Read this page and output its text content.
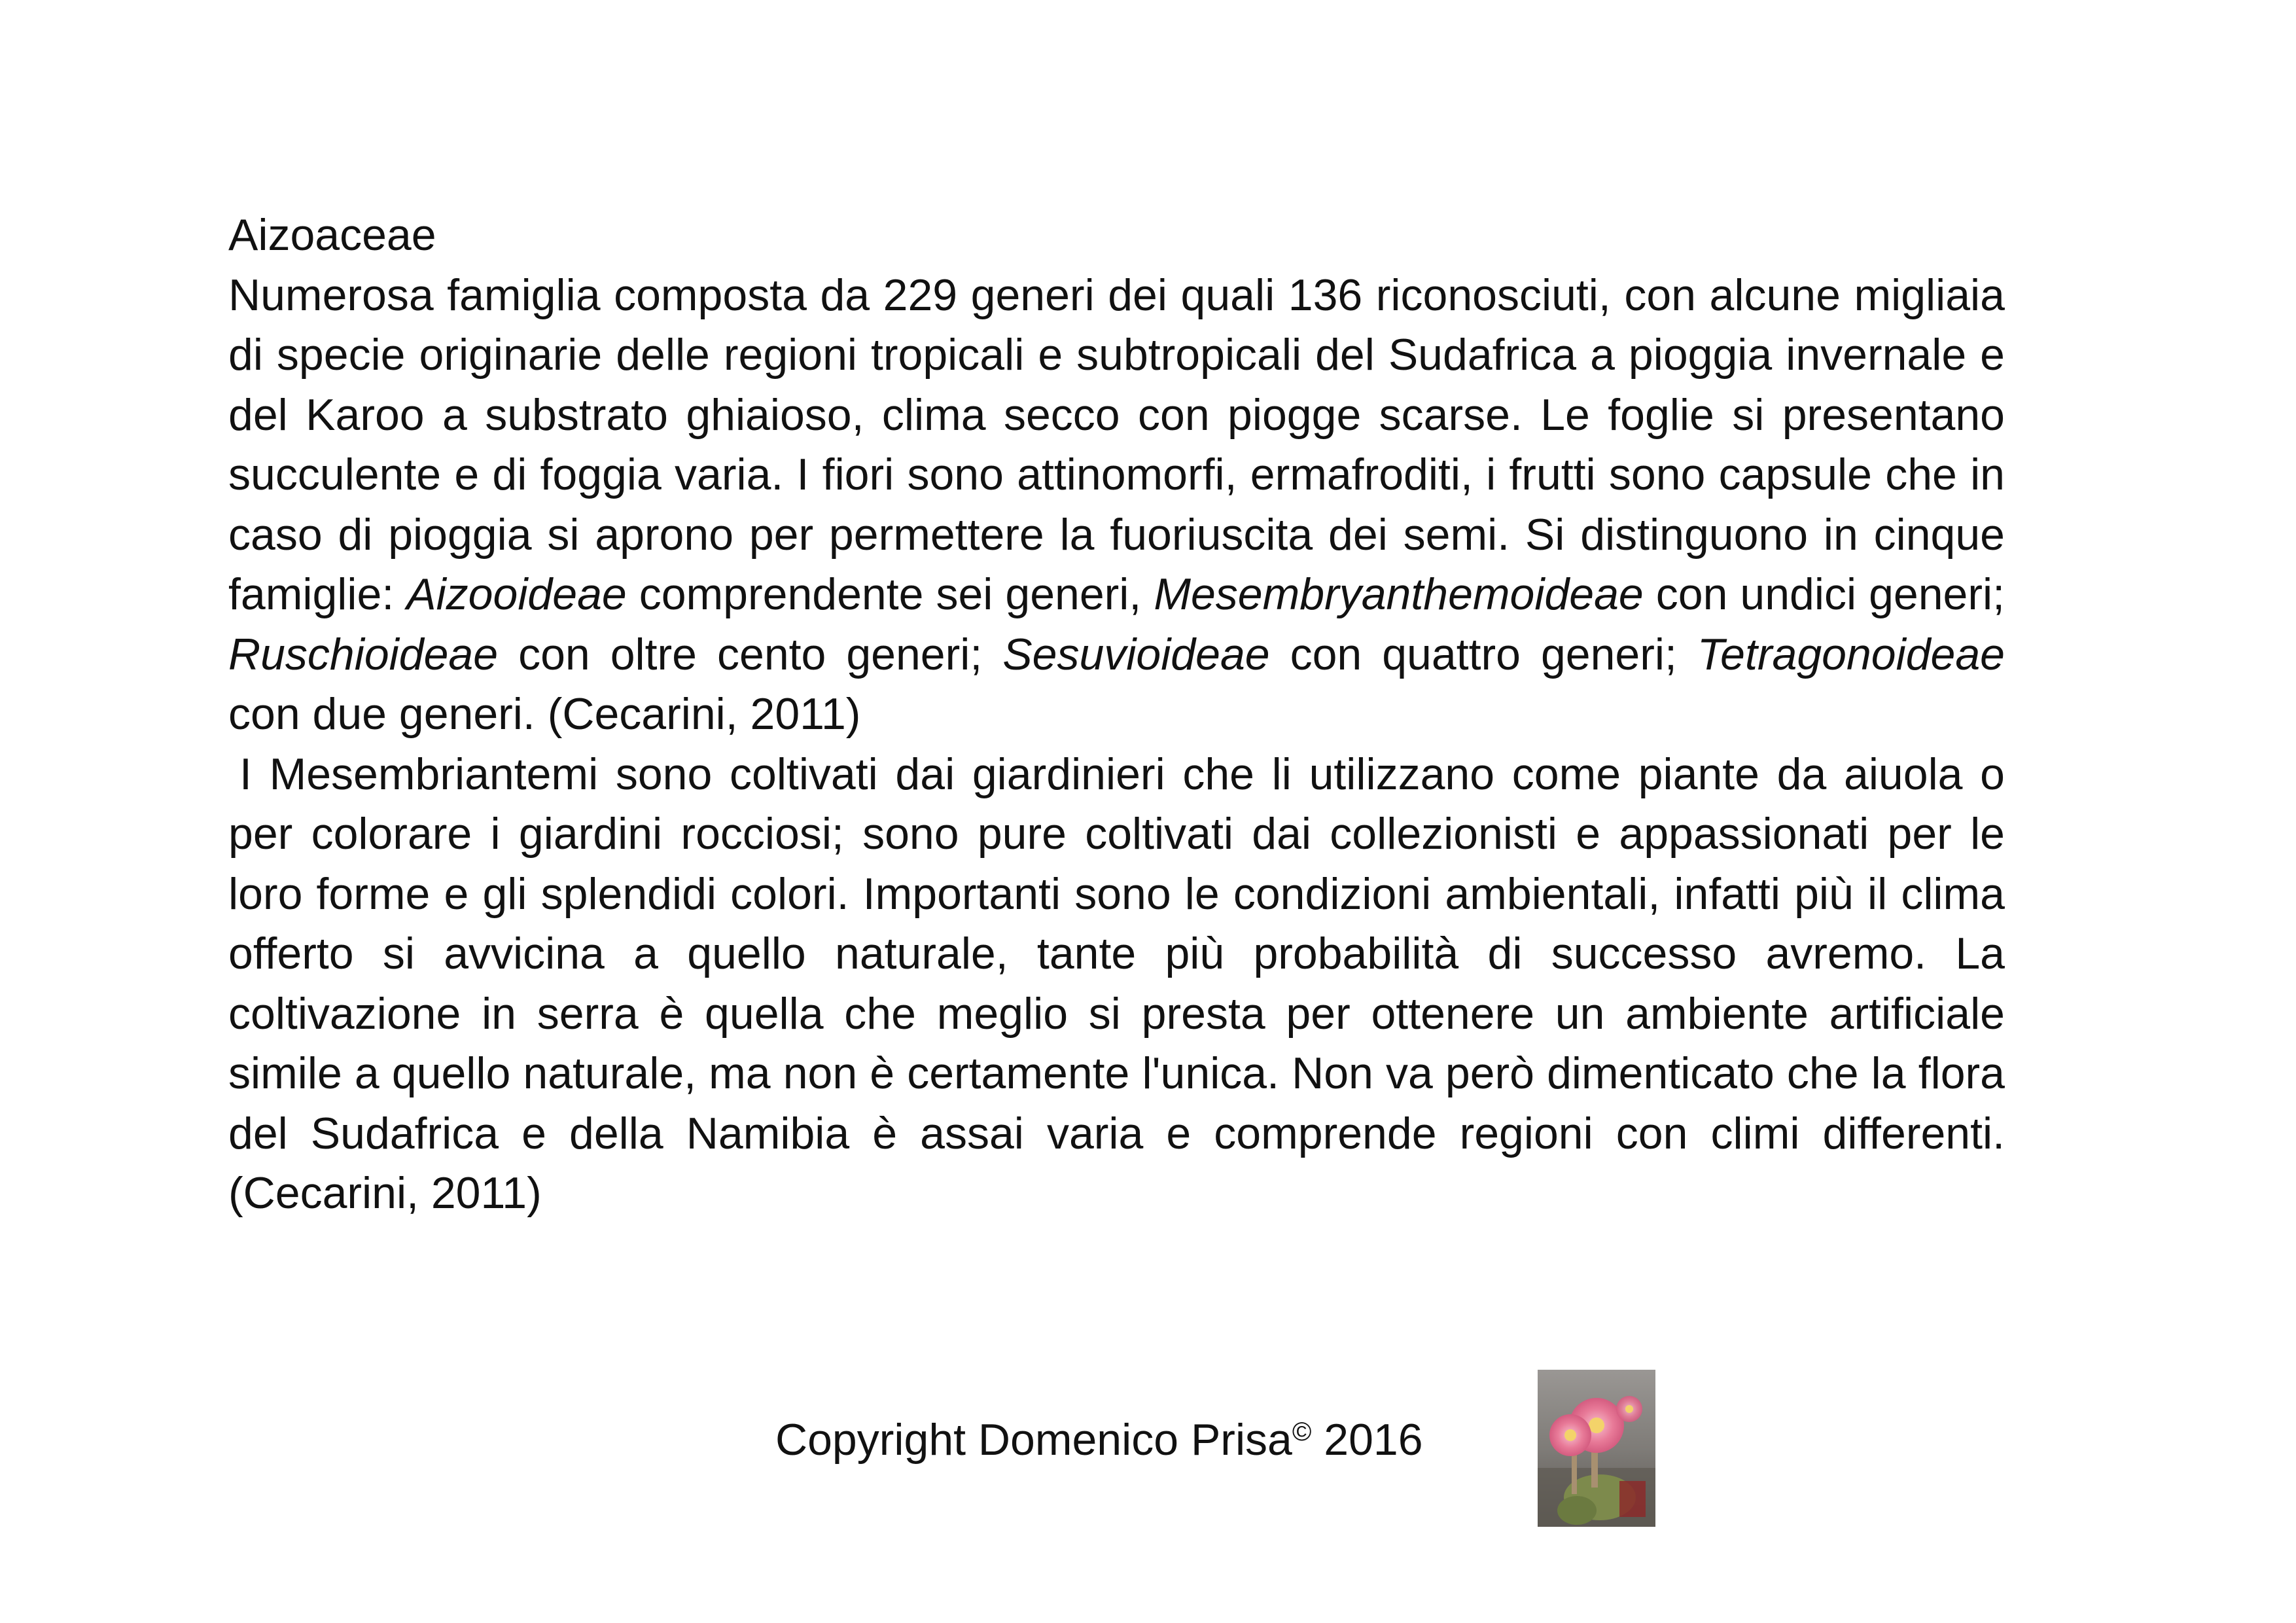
Aizoaceae

Numerosa famiglia composta da 229 generi dei quali 136 riconosciuti, con alcune migliaia di specie originarie delle regioni tropicali e subtropicali del Sudafrica a pioggia invernale e del Karoo a substrato ghiaioso, clima secco con piogge scarse. Le foglie si presentano succulente e di foggia varia. I fiori sono attinomorfi, ermafroditi, i frutti sono capsule che in caso di pioggia si aprono per permettere la fuoriuscita dei semi. Si distinguono in cinque famiglie: Aizooideae comprendente sei generi, Mesembryanthemoideae con undici generi; Ruschioideae con oltre cento generi; Sesuvioideae con quattro generi; Tetragonoideae con due generi. (Cecarini, 2011)

I Mesembriantemi sono coltivati dai giardinieri che li utilizzano come piante da aiuola o per colorare i giardini rocciosi; sono pure coltivati dai collezionisti e appassionati per le loro forme e gli splendidi colori. Importanti sono le condizioni ambientali, infatti più il clima offerto si avvicina a quello naturale, tante più probabilità di successo avremo. La coltivazione in serra è quella che meglio si presta per ottenere un ambiente artificiale simile a quello naturale, ma non è certamente l'unica. Non va però dimenticato che la flora del Sudafrica e della Namibia è assai varia e comprende regioni con climi differenti. (Cecarini, 2011)

Copyright Domenico Prisa© 2016
